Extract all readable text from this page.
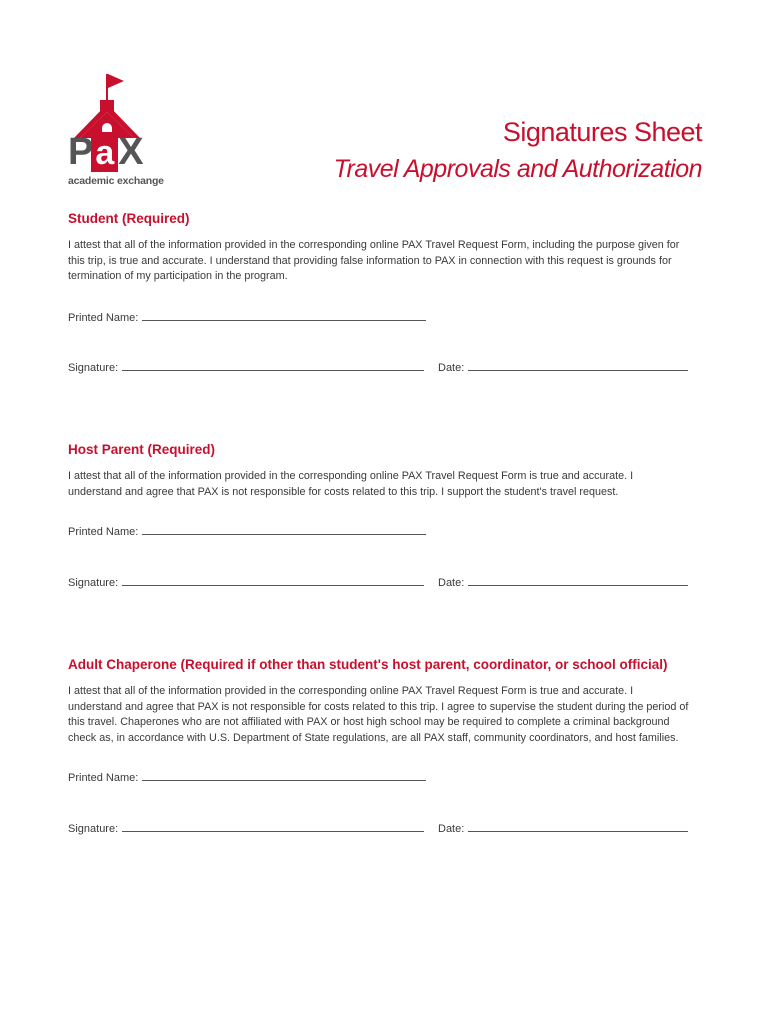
P a X
academic exchange
Signatures Sheet
Travel Approvals and Authorization
Student (Required)

I attest that all of the information provided in the corresponding online PAX Travel Request Form, including the purpose given for this trip, is true and accurate. I understand that providing false information to PAX in connection with this request is grounds for termination of my participation in the program.

Printed Name:
Signature:	Date:
Host Parent (Required)

I attest that all of the information provided in the corresponding online PAX Travel Request Form is true and accurate. I understand and agree that PAX is not responsible for costs related to this trip. I support the student's travel request.

Printed Name:
Signature:	Date:
Adult Chaperone (Required if other than student's host parent, coordinator, or school official)

I attest that all of the information provided in the corresponding online PAX Travel Request Form is true and accurate. I understand and agree that PAX is not responsible for costs related to this trip. I agree to supervise the student during the period of this travel. Chaperones who are not affiliated with PAX or host high school may be required to complete a criminal background check as, in accordance with U.S. Department of State regulations, are all PAX staff, community coordinators, and host families.

Printed Name:
Signature:	Date:
